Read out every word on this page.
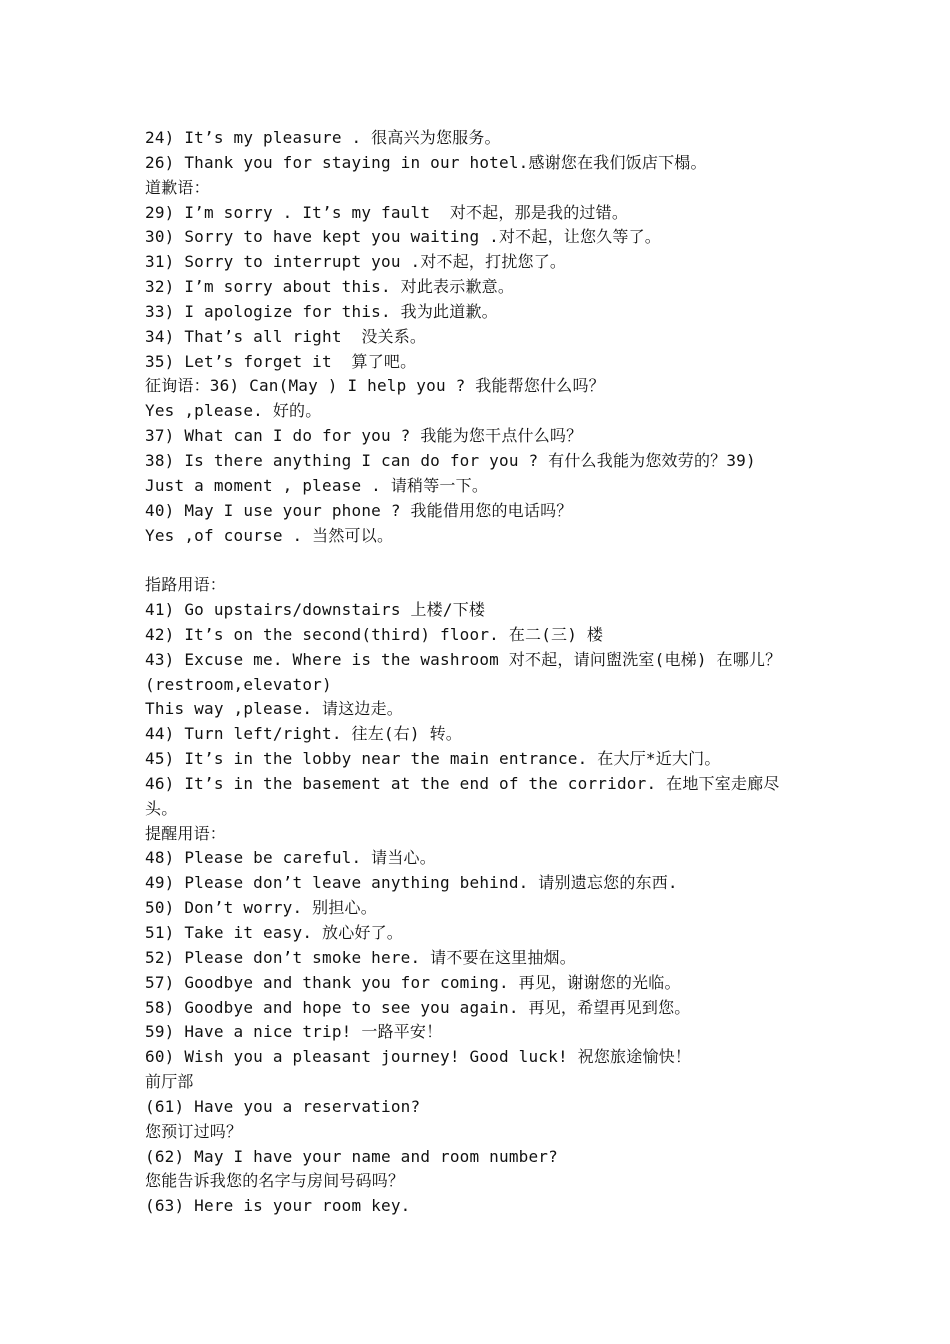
24) It’s my pleasure . 很高兴为您服务。

26) Thank you for staying in our hotel.感谢您在我们饭店下榻。

道歉语：

29) I’m sorry . It’s my fault  对不起，那是我的过错。

30) Sorry to have kept you waiting .对不起，让您久等了。

31) Sorry to interrupt you .对不起，打扰您了。

32) I’m sorry about this. 对此表示歉意。

33) I apologize for this. 我为此道歉。

34) That’s all right  没关系。

35) Let’s forget it  算了吧。

征询语：36) Can(May ) I help you ? 我能帮您什么吗？

Yes ,please. 好的。

37) What can I do for you ? 我能为您干点什么吗？

38) Is there anything I can do for you ? 有什么我能为您效劳的？39)

Just a moment , please . 请稍等一下。

40) May I use your phone ? 我能借用您的电话吗？

Yes ,of course . 当然可以。

指路用语：

41) Go upstairs/downstairs 上楼/下楼

42) It’s on the second(third) floor. 在二(三) 楼

43) Excuse me. Where is the washroom 对不起，请问盥洗室(电梯) 在哪儿？

(restroom,elevator)

This way ,please. 请这边走。

44) Turn left/right. 往左(右) 转。

45) It’s in the lobby near the main entrance. 在大厅*近大门。

46) It’s in the basement at the end of the corridor. 在地下室走廊尽

头。

提醒用语：

48) Please be careful. 请当心。

49) Please don’t leave anything behind. 请别遗忘您的东西.

50) Don’t worry. 别担心。

51) Take it easy. 放心好了。

52) Please don’t smoke here. 请不要在这里抽烟。

57) Goodbye and thank you for coming. 再见，谢谢您的光临。

58) Goodbye and hope to see you again. 再见，希望再见到您。

59) Have a nice trip! 一路平安！

60) Wish you a pleasant journey! Good luck! 祝您旅途愉快！

前厅部

(61) Have you a reservation?

您预订过吗？

(62) May I have your name and room number?

您能告诉我您的名字与房间号码吗？

(63) Here is your room key.
